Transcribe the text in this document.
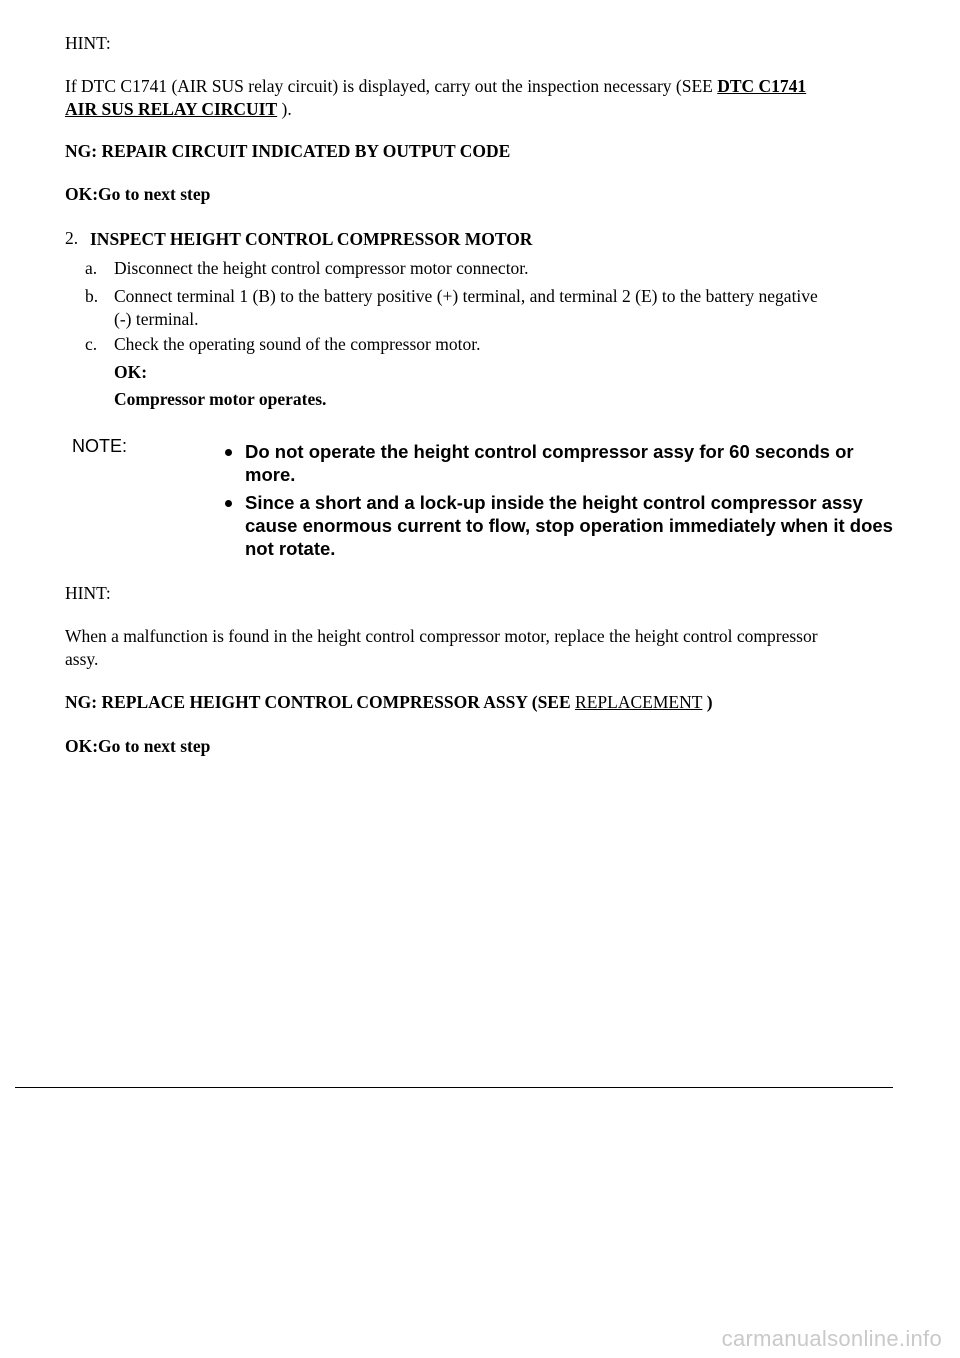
HINT:

If DTC C1741 (AIR SUS relay circuit) is displayed, carry out the inspection necessary (SEE DTC C1741
AIR SUS RELAY CIRCUIT ).

NG: REPAIR CIRCUIT INDICATED BY OUTPUT CODE

OK:Go to next step

2. INSPECT HEIGHT CONTROL COMPRESSOR MOTOR
a. Disconnect the height control compressor motor connector.
b. Connect terminal 1 (B) to the battery positive (+) terminal, and terminal 2 (E) to the battery negative (-) terminal.
c. Check the operating sound of the compressor motor.

OK:

Compressor motor operates.

NOTE:	Do not operate the height control compressor assy for 60 seconds or more.
Since a short and a lock-up inside the height control compressor assy cause enormous current to flow, stop operation immediately when it does not rotate.

HINT:

When a malfunction is found in the height control compressor motor, replace the height control compressor assy.

NG: REPLACE HEIGHT CONTROL COMPRESSOR ASSY (SEE REPLACEMENT )

OK:Go to next step

carmanualsonline.info
